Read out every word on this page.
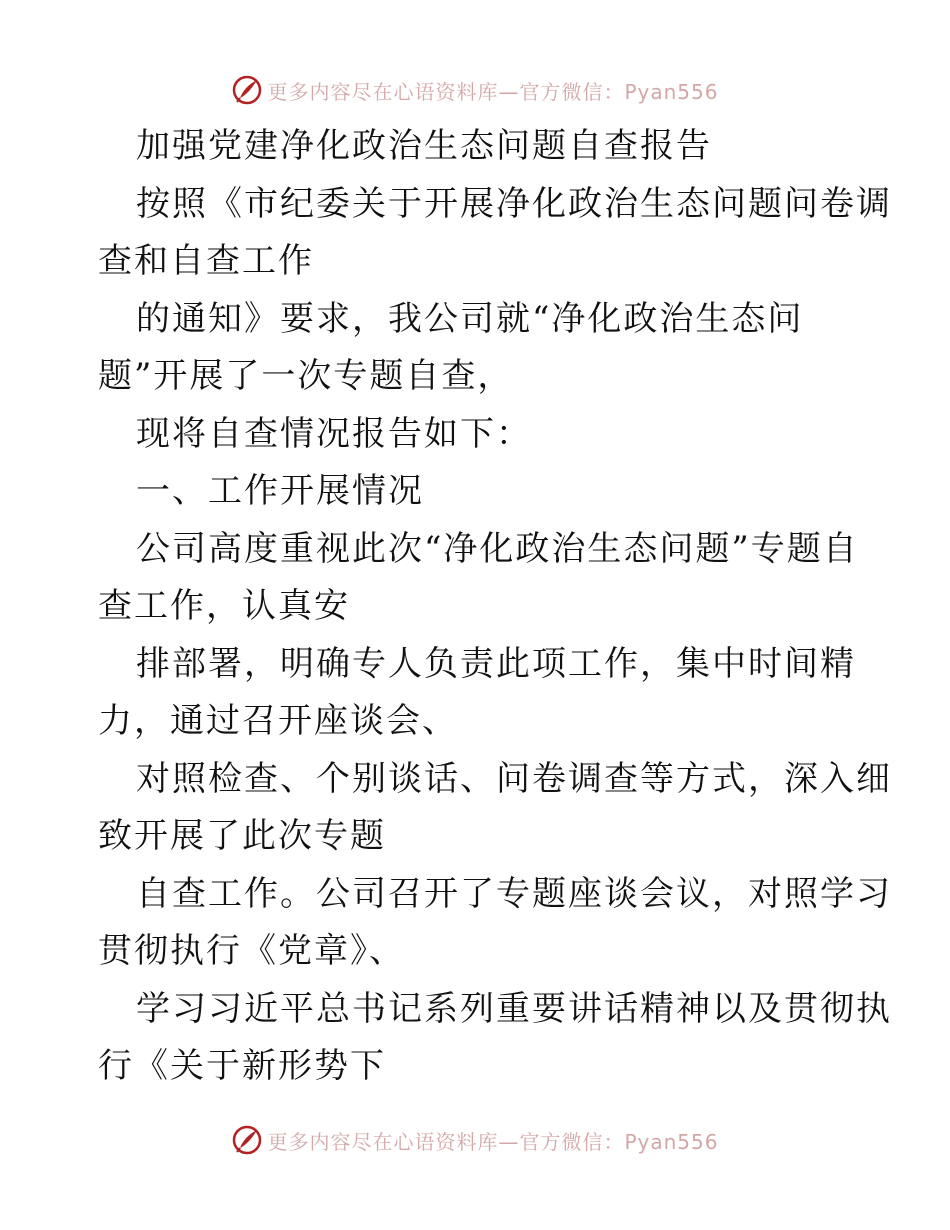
更多内容尽在心语资料库—官方微信：Pyan556
加强党建净化政治生态问题自查报告
按照《市纪委关于开展净化政治生态问题问卷调
查和自查工作
的通知》要求，我公司就“净化政治生态问
题”开展了一次专题自查，
现将自查情况报告如下：
一、工作开展情况
公司高度重视此次“净化政治生态问题”专题自
查工作，认真安
排部署，明确专人负责此项工作，集中时间精
力，通过召开座谈会、
对照检查、个别谈话、问卷调查等方式，深入细
致开展了此次专题
自查工作。公司召开了专题座谈会议，对照学习
贯彻执行《党章》、
学习习近平总书记系列重要讲话精神以及贯彻执
行《关于新形势下
更多内容尽在心语资料库—官方微信：Pyan556
